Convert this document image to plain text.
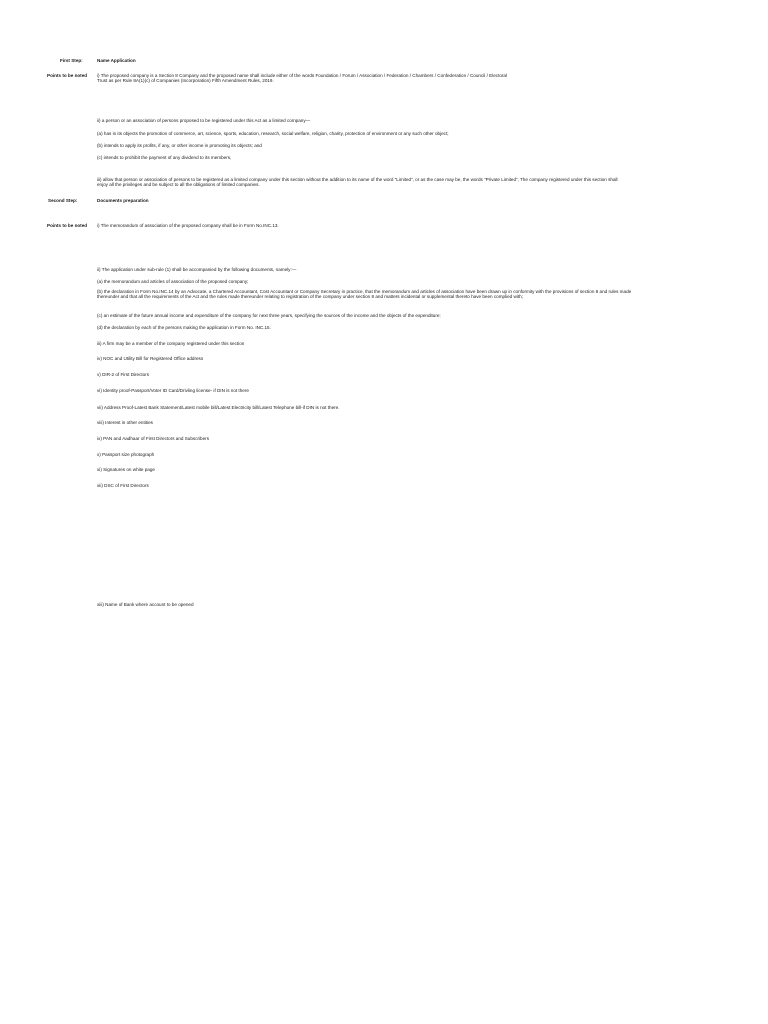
First Step:	Name Application
Points to be noted	i) The proposed company is a Section 8 Company and the proposed name shall include either of the words Foundation / Forum / Association / Federation / Chambers / Confederation / Council / Electoral Trust as per Rule 8A(1)(c) of Companies (Incorporation) Fifth Amendment Rules, 2019.
ii) a person or an association of persons proposed to be registered under this Act as a limited company—
(a) has in its objects the promotion of commerce, art, science, sports, education, research, social welfare, religion, charity, protection of environment or any such other object;
(b) intends to apply its profits, if any, or other income in promoting its objects; and
(c) intends to prohibit the payment of any dividend to its members,
iii) allow that person or association of persons to be registered as a limited company under this section without the addition to its name of the word “Limited”, or as the case may be, the words “Private Limited”, The company registered under this section shall enjoy all the privileges and be subject to all the obligations of limited companies.
Second Step:	Documents preparation
Points to be noted	i) The memorandum of association of the proposed company shall be in Form No.INC.13.
ii) The application under sub-rule (1) shall be accompanied by the following documents, namely:—
(a) the memorandum and articles of association of the proposed company;
(b) the declaration in Form No.INC.14 by an Advocate, a Chartered Accountant, Cost Accountant or Company Secretary in practice, that the memorandum and articles of association have been drawn up in conformity with the provisions of section 8 and rules made thereunder and that all the requirements of the Act and the rules made thereunder relating to registration of the company under section 8 and matters incidental or supplemental thereto have been complied with;
(c) an estimate of the future annual income and expenditure of the company for next three years, specifying the sources of the income and the objects of the expenditure;
(d) the declaration by each of the persons making the application in Form No. INC.15.
iii) A firm may be a member of the company registered under this section
iv) NOC and Utility Bill for Registered Office address
v) DIR-2 of First Directors
vi) Identity proof-Passport/Voter ID Card/Drivling license- if DIN is not there
vii) Address Proof-Latest Bank Statement/Latest mobile bill/Latest Electricity bill/Latest Telephone bill-if DIN is not there.
viii) Interest in other entities
ix) PAN and Aadhaar of First Directors and Subscribers
x) Passport size photograph
xi) Signatures on white page
xii) DSC of First Directors
xiii) Name of Bank where account to be opened
